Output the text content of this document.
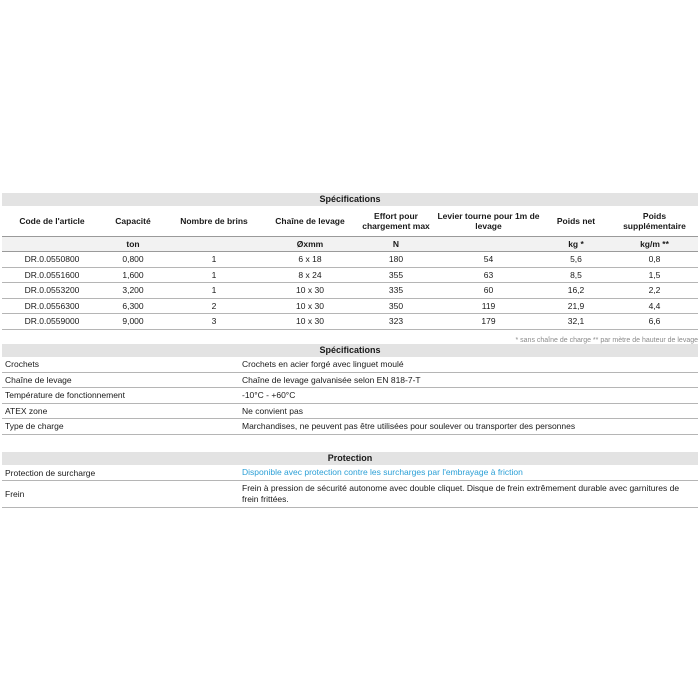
Spécifications
Code de l'article	Capacité	Nombre de brins	Chaîne de levage	Effort pour chargement max	Levier tourne pour 1m de levage	Poids net	Poids supplémentaire
	ton		Øxmm	N		kg *	kg/m **
DR.0.0550800	0,800	1	6 x 18	180	54	5,6	0,8
DR.0.0551600	1,600	1	8 x 24	355	63	8,5	1,5
DR.0.0553200	3,200	1	10 x 30	335	60	16,2	2,2
DR.0.0556300	6,300	2	10 x 30	350	119	21,9	4,4
DR.0.0559000	9,000	3	10 x 30	323	179	32,1	6,6
* sans chaîne de charge ** par mètre de hauteur de levage
Spécifications
Crochets	Crochets en acier forgé avec linguet moulé
Chaîne de levage	Chaîne de levage galvanisée selon EN 818-7-T
Température de fonctionnement	-10°C - +60°C
ATEX zone	Ne convient pas
Type de charge	Marchandises, ne peuvent pas être utilisées pour soulever ou transporter des personnes
Protection
Protection de surcharge	Disponible avec protection contre les surcharges par l'embrayage à friction
Frein	Frein à pression de sécurité autonome avec double cliquet. Disque de frein extrêmement durable avec garnitures de frein frittées.
